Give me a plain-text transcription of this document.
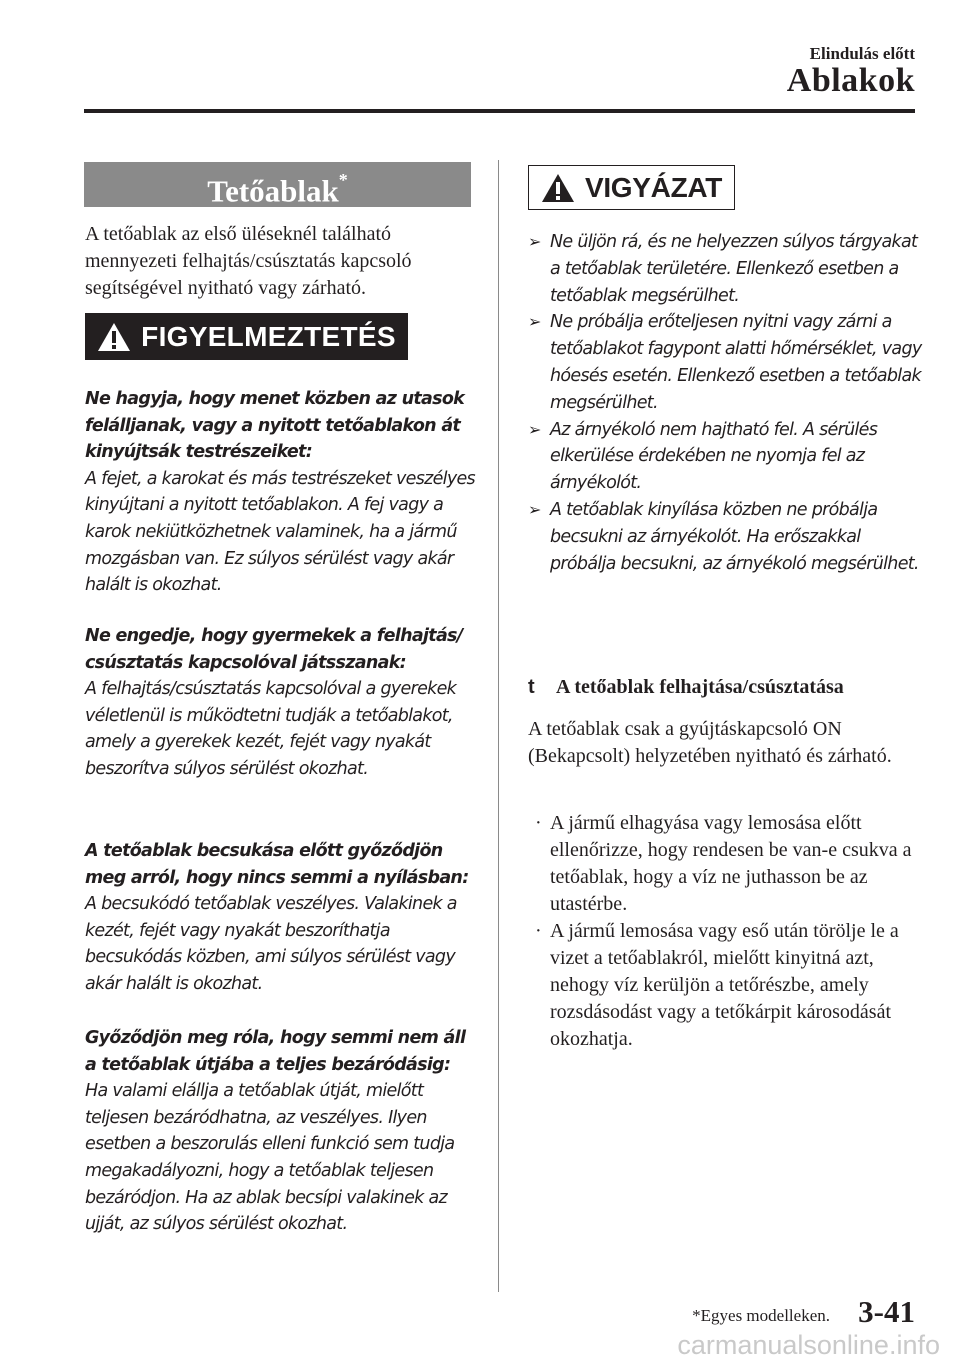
Elindulás előtt
Ablakok
Tetőablak*
A tetőablak az első üléseknél található mennyezeti felhajtás/csúsztatás kapcsoló segítségével nyitható vagy zárható.
FIGYELMEZTETÉS
Ne hagyja, hogy menet közben az utasok felálljanak, vagy a nyitott tetőablakon át kinyújtsák testrészeiket:
A fejet, a karokat és más testrészeket veszélyes kinyújtani a nyitott tetőablakon. A fej vagy a karok nekiütközhetnek valaminek, ha a jármű mozgásban van. Ez súlyos sérülést vagy akár halált is okozhat.
Ne engedje, hogy gyermekek a felhajtás/ csúsztatás kapcsolóval játsszanak:
A felhajtás/csúsztatás kapcsolóval a gyerekek véletlenül is működtetni tudják a tetőablakot, amely a gyerekek kezét, fejét vagy nyakát beszorítva súlyos sérülést okozhat.
A tetőablak becsukása előtt győződjön meg arról, hogy nincs semmi a nyílásban:
A becsukódó tetőablak veszélyes. Valakinek a kezét, fejét vagy nyakát beszoríthatja becsukódás közben, ami súlyos sérülést vagy akár halált is okozhat.
Győződjön meg róla, hogy semmi nem áll a tetőablak útjába a teljes bezáródásig:
Ha valami elállja a tetőablak útját, mielőtt teljesen bezáródhatna, az veszélyes. Ilyen esetben a beszorulás elleni funkció sem tudja megakadályozni, hogy a tetőablak teljesen bezáródjon. Ha az ablak becsípi valakinek az ujját, az súlyos sérülést okozhat.
VIGYÁZAT
➢ Ne üljön rá, és ne helyezzen súlyos tárgyakat a tetőablak területére. Ellenkező esetben a tetőablak megsérülhet.
➢ Ne próbálja erőteljesen nyitni vagy zárni a tetőablakot fagypont alatti hőmérséklet, vagy hóesés esetén. Ellenkező esetben a tetőablak megsérülhet.
➢ Az árnyékoló nem hajtható fel. A sérülés elkerülése érdekében ne nyomja fel az árnyékolót.
➢ A tetőablak kinyílása közben ne próbálja becsukni az árnyékolót. Ha erőszakkal próbálja becsukni, az árnyékoló megsérülhet.
t A tetőablak felhajtása/csúsztatása
A tetőablak csak a gyújtáskapcsoló ON (Bekapcsolt) helyzetében nyitható és zárható.
· A jármű elhagyása vagy lemosása előtt ellenőrizze, hogy rendesen be van-e csukva a tetőablak, hogy a víz ne juthasson be az utastérbe.
· A jármű lemosása vagy eső után törölje le a vizet a tetőablakról, mielőtt kinyitná azt, nehogy víz kerüljön a tetőrészbe, amely rozsdásodást vagy a tetőkárpit károsodását okozhatja.
*Egyes modelleken. 3-41
carmanualsonline.info
